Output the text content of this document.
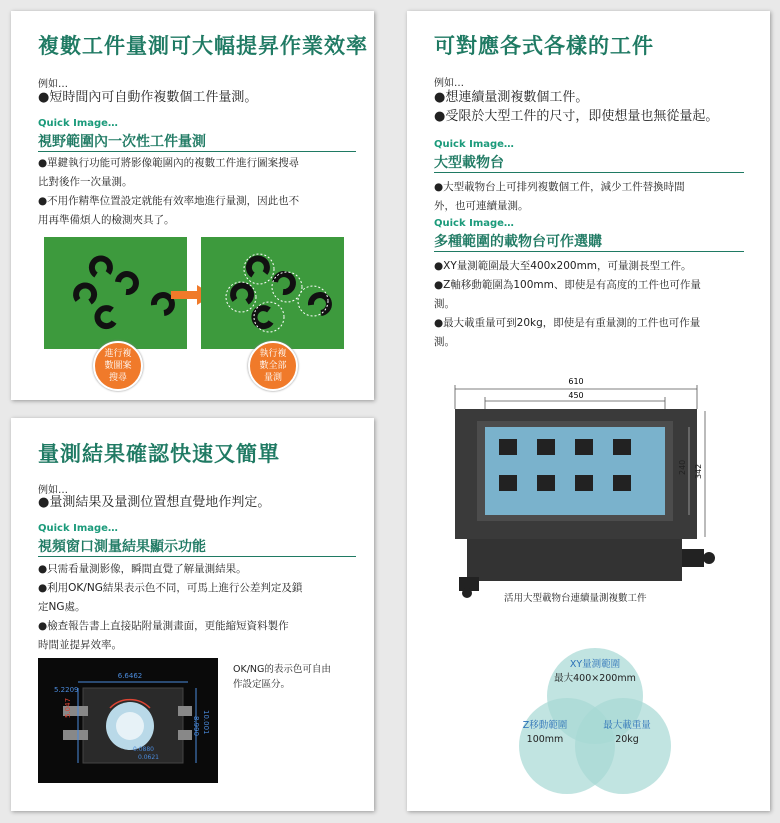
複數工件量測可大幅提昇作業效率
例如…
●短時間內可自動作複數個工件量測。
Quick Image…
視野範圍內一次性工件量測

●單鍵執行功能可將影像範圍內的複數工件進行圖案搜尋

比對後作一次量測。

●不用作精準位置設定就能有效率地進行量測，因此也不

用再準備煩人的檢測夾具了。

進行複數圖案搜尋
執行複數全部量測
量測結果確認快速又簡單
例如…
●量測結果及量測位置想直覺地作判定。
Quick Image…
視頻窗口測量結果顯示功能

●只需看量測影像，瞬間直覺了解量測結果。

●利用OK/NG結果表示色不同，可馬上進行公差判定及鎖

定NG處。

●檢查報告書上直接貼附量測畫面，更能縮短資料製作

時間並提昇效率。

6.6462
5.2209
5.047
10.001
8.990
0.0880
0.0621
OK/NG的表示色可自由
作設定區分。
可對應各式各樣的工件
例如…
●想連續量測複數個工件。
●受限於大型工件的尺寸，即使想量也無從量起。
Quick Image…
大型載物台

●大型載物台上可排列複數個工件，減少工件替換時間

外，也可連續量測。

Quick Image…
多種範圍的載物台可作選購

●XY量測範圍最大至400x200mm，可量測長型工件。

●Z軸移動範圍為100mm、即使是有高度的工件也可作量

測。

●最大載重量可到20kg，即使是有重量測的工件也可作量

測。

610
450
240 342
活用大型載物台連續量測複數工件
XY量測範圍
最大400×200mm
Z移動範圍
100mm
最大載重量
20kg
